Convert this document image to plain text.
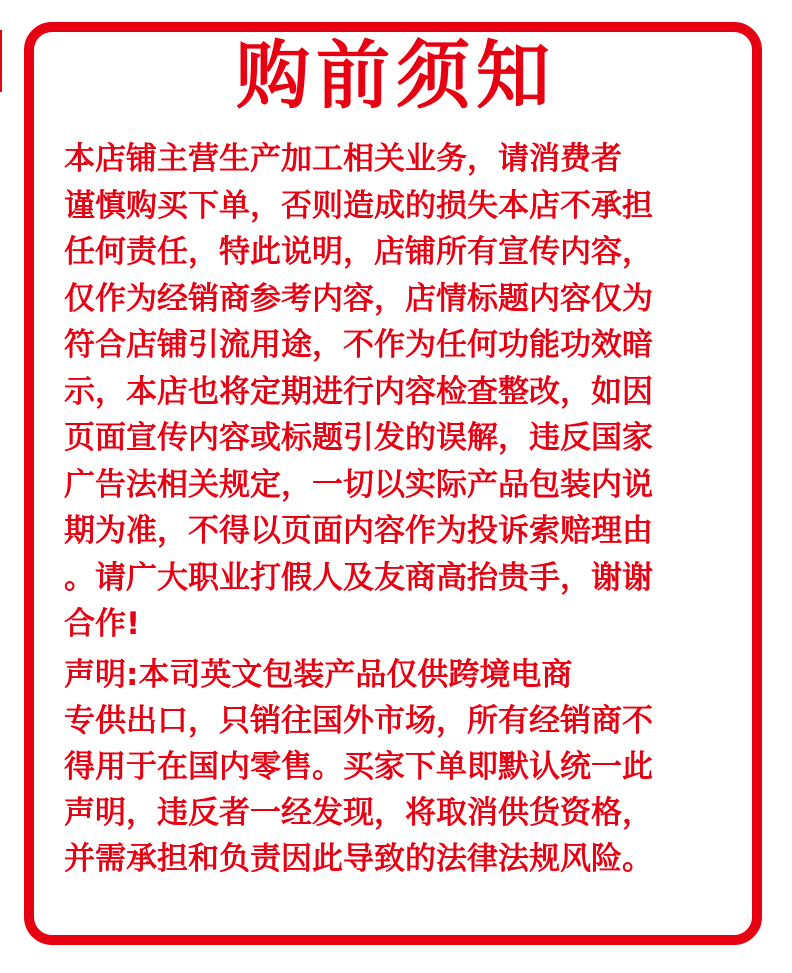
购前须知
本店铺主营生产加工相关业务，请消费者
谨慎购买下单，否则造成的损失本店不承担
任何责任，特此说明，店铺所有宣传内容，
仅作为经销商参考内容，店情标题内容仅为
符合店铺引流用途，不作为任何功能功效暗
示，本店也将定期进行内容检查整改，如因
页面宣传内容或标题引发的误解，违反国家
广告法相关规定，一切以实际产品包装内说
期为准，不得以页面内容作为投诉索赔理由
。请广大职业打假人及友商高抬贵手，谢谢
合作!
声明:本司英文包装产品仅供跨境电商
专供出口，只销往国外市场，所有经销商不
得用于在国内零售。买家下单即默认统一此
声明，违反者一经发现，将取消供货资格，
并需承担和负责因此导致的法律法规风险。
